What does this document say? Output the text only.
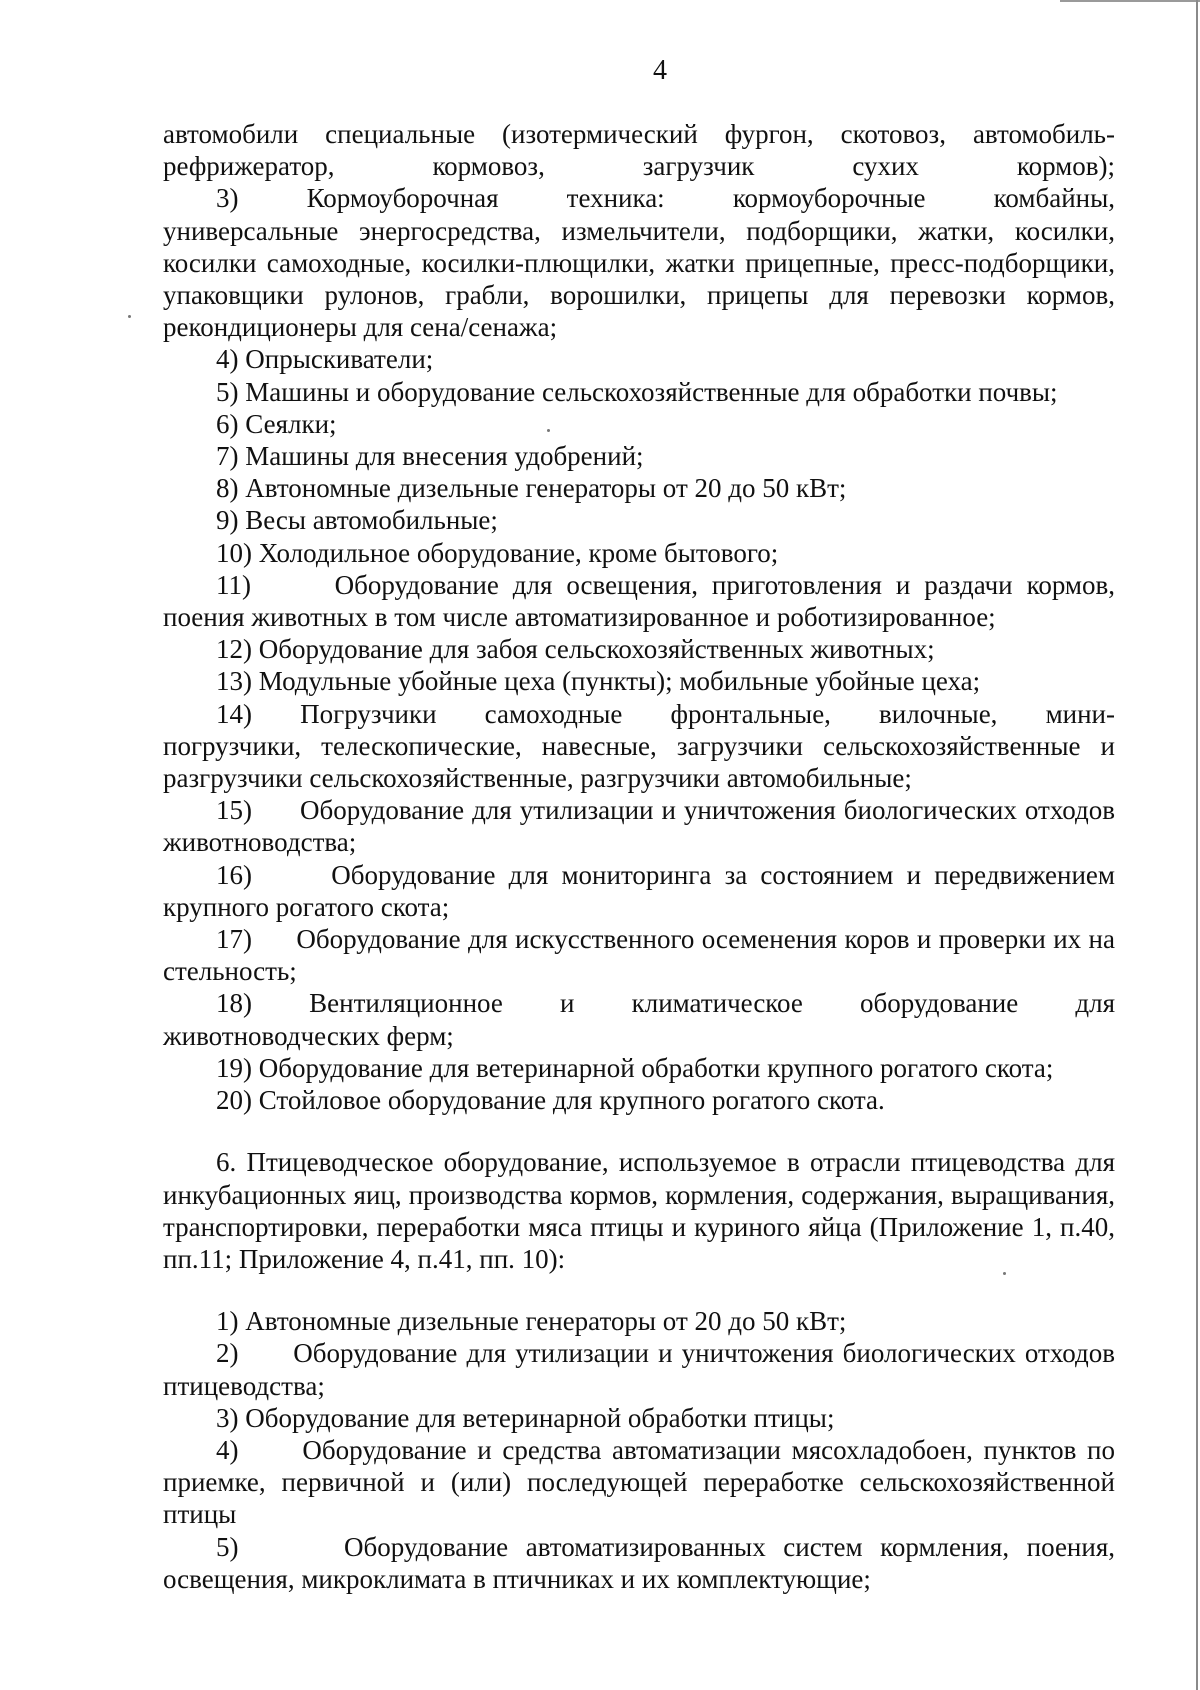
4

автомобили специальные (изотермический фургон, скотовоз, автомобиль-рефрижератор, кормовоз, загрузчик сухих кормов);

3)      Кормоуборочная      техника:      кормоуборочные      комбайны, универсальные энергосредства, измельчители, подборщики, жатки, косилки, косилки самоходные, косилки-плющилки, жатки прицепные, пресс-подборщики, упаковщики рулонов, грабли, ворошилки, прицепы для перевозки кормов, рекондиционеры для сена/сенажа;

4) Опрыскиватели;

5) Машины и оборудование сельскохозяйственные для обработки почвы;

6) Сеялки;

7) Машины для внесения удобрений;

8) Автономные дизельные генераторы от 20 до 50 кВт;

9) Весы автомобильные;

10) Холодильное оборудование, кроме бытового;

11)      Оборудование для освещения, приготовления и раздачи кормов, поения животных в том числе автоматизированное и роботизированное;

12) Оборудование для забоя сельскохозяйственных животных;

13) Модульные убойные цеха (пункты); мобильные убойные цеха;

14)      Погрузчики      самоходные      фронтальные,      вилочные,      мини-погрузчики, телескопические, навесные, загрузчики сельскохозяйственные и разгрузчики сельскохозяйственные, разгрузчики автомобильные;

15)      Оборудование для утилизации и уничтожения биологических отходов животноводства;

16)      Оборудование для мониторинга за состоянием и передвижением крупного рогатого скота;

17)      Оборудование для искусственного осеменения коров и проверки их на стельность;

18)      Вентиляционное      и      климатическое      оборудование      для животноводческих ферм;

19) Оборудование для ветеринарной обработки крупного рогатого скота;

20) Стойловое оборудование для крупного рогатого скота.

6. Птицеводческое оборудование, используемое в отрасли птицеводства для инкубационных яиц, производства кормов, кормления, содержания, выращивания, транспортировки, переработки мяса птицы и куриного яйца (Приложение 1, п.40, пп.11; Приложение 4, п.41, пп. 10):

1) Автономные дизельные генераторы от 20 до 50 кВт;

2)      Оборудование для утилизации и уничтожения биологических отходов птицеводства;

3) Оборудование для ветеринарной обработки птицы;

4)      Оборудование и средства автоматизации мясохладобоен, пунктов по приемке, первичной и (или) последующей переработке сельскохозяйственной птицы

5)      Оборудование автоматизированных систем кормления, поения, освещения, микроклимата в птичниках и их комплектующие;
